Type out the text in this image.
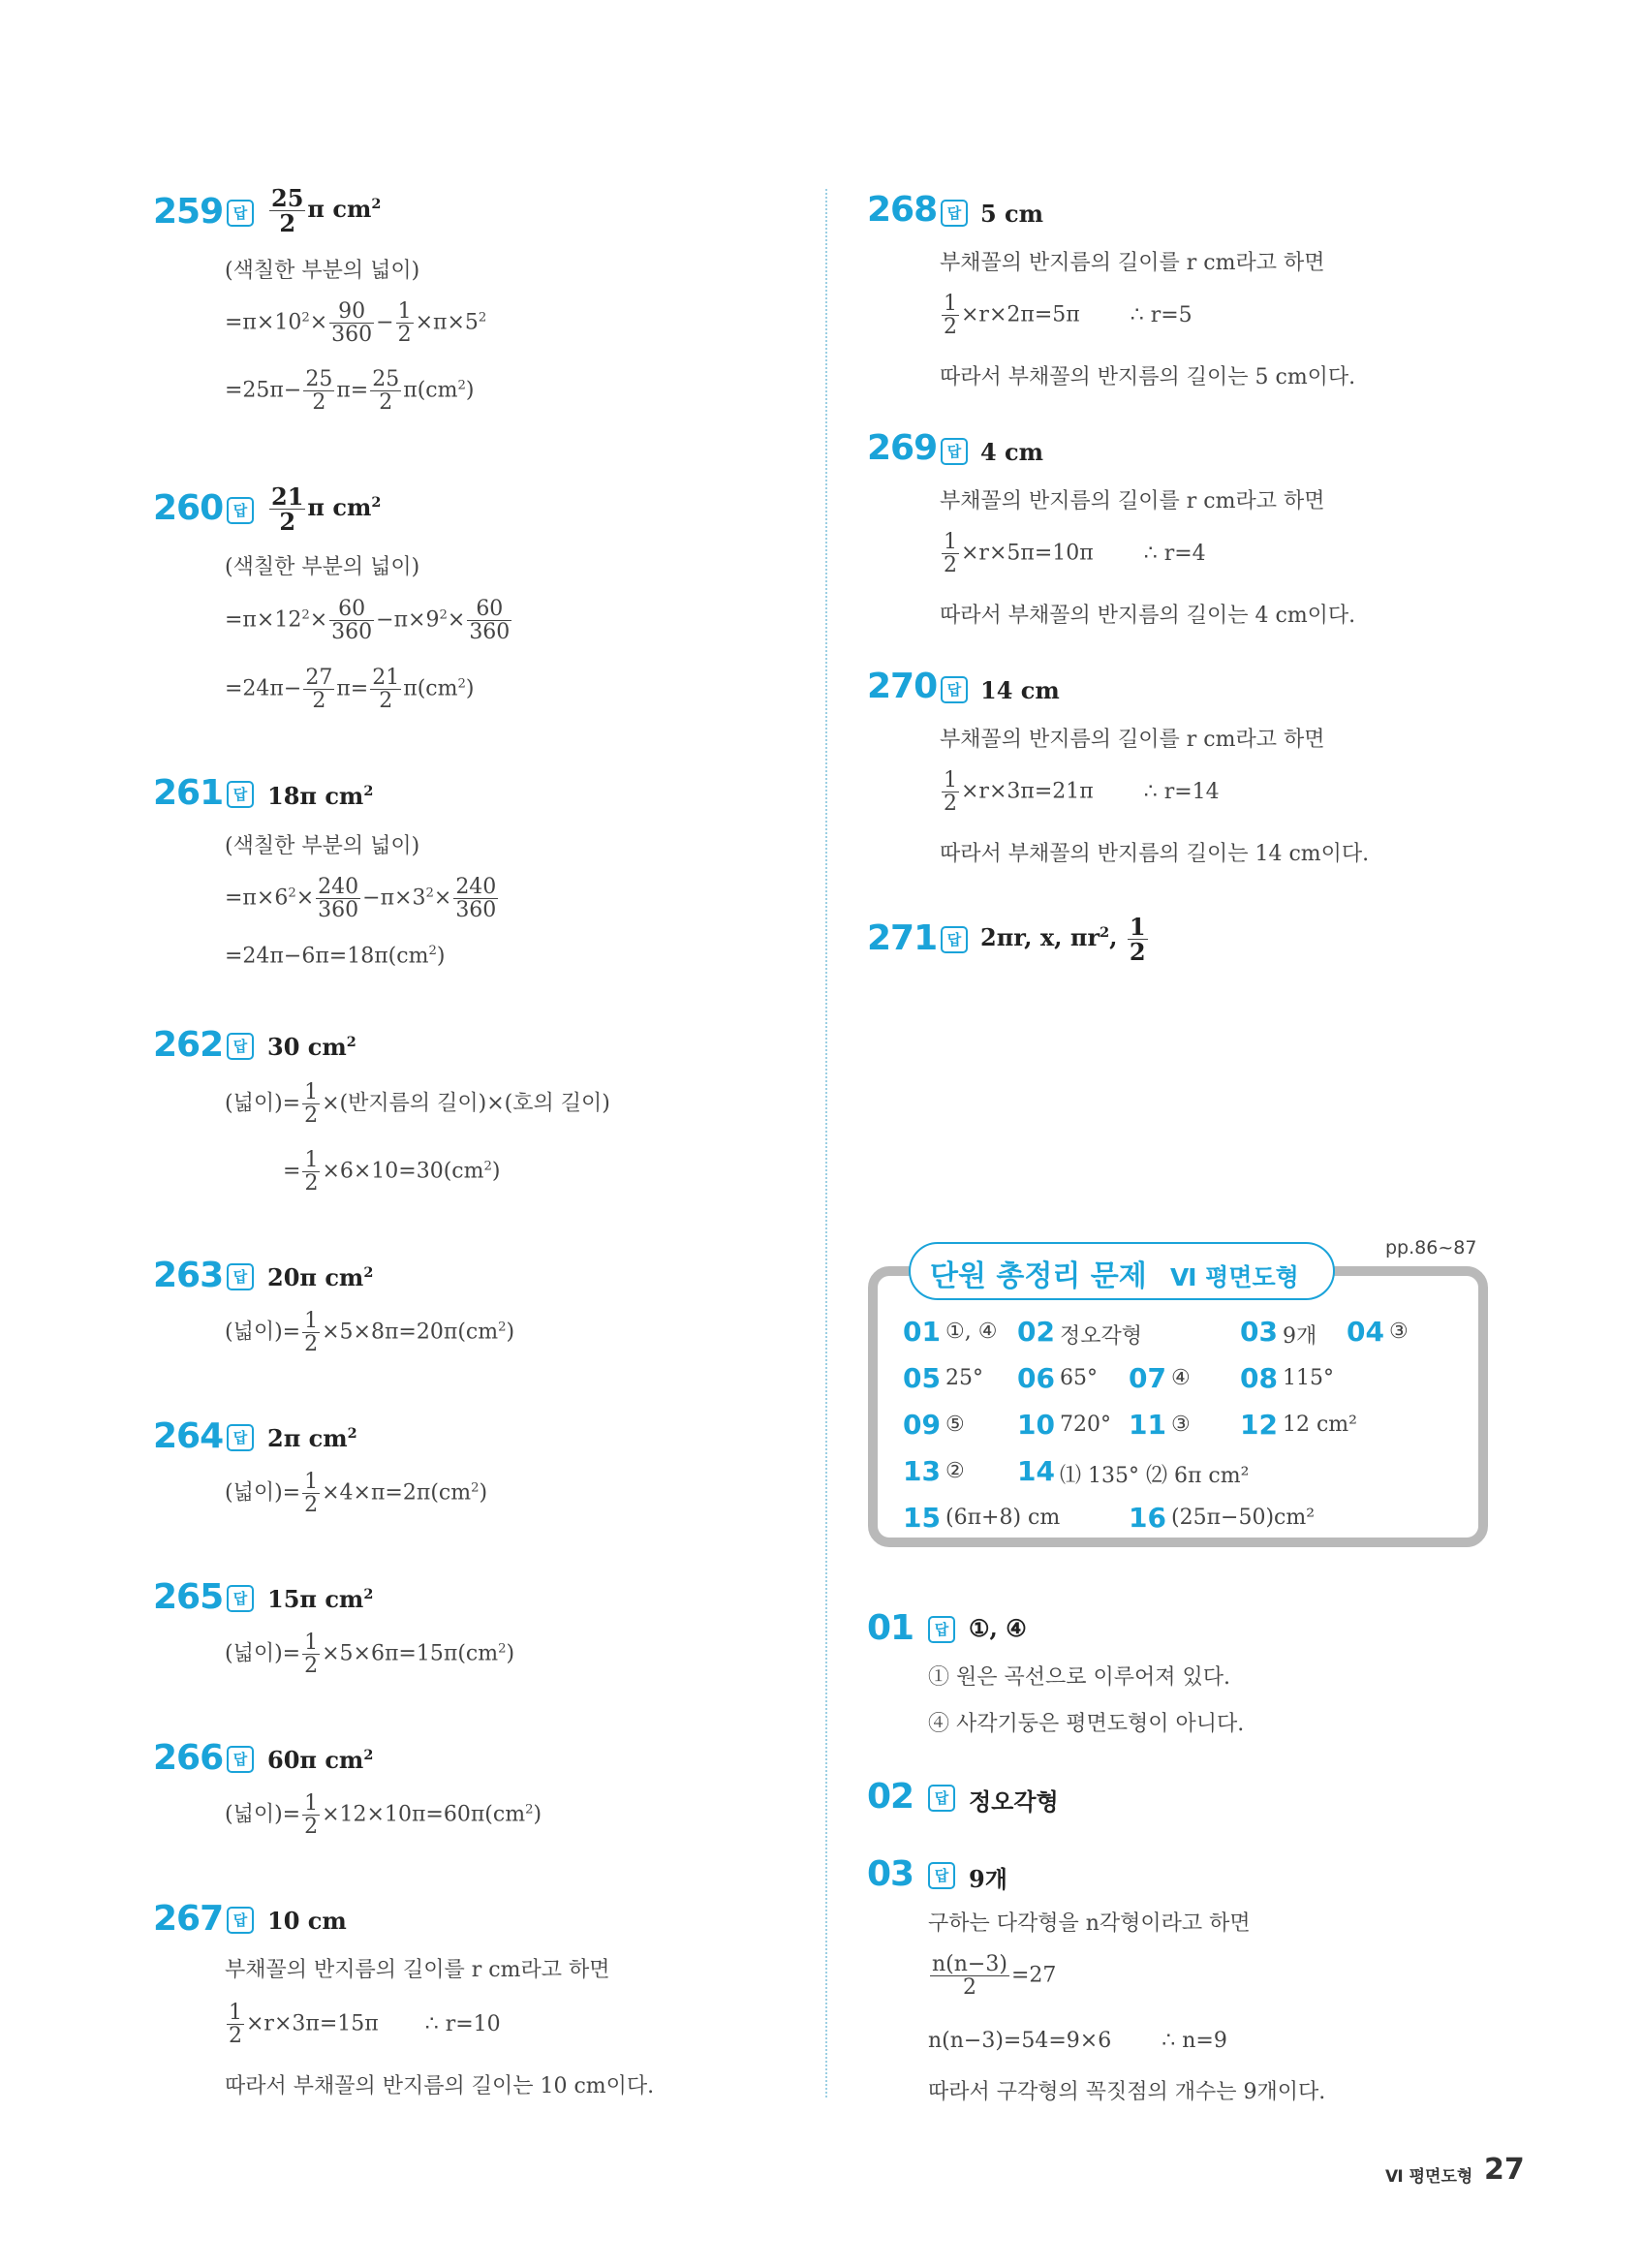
259 답 $\frac{25}{2}$ π $cm^2$
(색칠한 부분의 넓이)
$=\pi\times 10^2\times \frac{90}{360} - \frac{1}{2} \times\pi\times 5^2$
$=25\pi- \frac{25}{2} \pi= \frac{25}{2} \pi(cm^2)$
260 답 $\frac{21}{2}$ π $cm^2$
(색칠한 부분의 넓이)
$=\pi\times 12^2\times \frac{60}{360} -\pi\times 9^2\times \frac{60}{360}$
$=24\pi- \frac{27}{2} \pi= \frac{21}{2} \pi(cm^2)$
261 답 18π $cm^2$
(색칠한 부분의 넓이)
$=\pi\times 6^2\times \frac{240}{360} -\pi\times 3^2\times \frac{240}{360}$
$=24\pi-6\pi=18\pi(cm^2)$
262 답 30 $cm^2$
(넓이)= $\frac{1}{2}$ ×(반지름의 길이)×(호의 길이)
= $\frac{1}{2} \times 6\times 10=30(cm^2)$
263 답 20π $cm^2$
(넓이)= $\frac{1}{2} \times 5\times 8\pi=20\pi(cm^2)$
264 답 2π $cm^2$
(넓이)= $\frac{1}{2} \times 4\times\pi=2\pi(cm^2)$
265 답 15π $cm^2$
(넓이)= $\frac{1}{2} \times 5\times 6\pi=15\pi(cm^2)$
266 답 60π $cm^2$
(넓이)= $\frac{1}{2} \times 12\times 10\pi=60\pi(cm^2)$
267 답 10 cm
부채꼴의 반지름의 길이를 r cm라고 하면
$\frac{1}{2} \times r\times 3\pi=15\pi$ ∴ r=10
따라서 부채꼴의 반지름의 길이는 10 cm이다.
268 답 5 cm
부채꼴의 반지름의 길이를 r cm라고 하면
$\frac{1}{2} \times r\times 2\pi=5\pi$ ∴ r=5
따라서 부채꼴의 반지름의 길이는 5 cm이다.
269 답 4 cm
부채꼴의 반지름의 길이를 r cm라고 하면
$\frac{1}{2} \times r\times 5\pi=10\pi$ ∴ r=4
따라서 부채꼴의 반지름의 길이는 4 cm이다.
270 답 14 cm
부채꼴의 반지름의 길이를 r cm라고 하면
$\frac{1}{2} \times r\times 3\pi=21\pi$ ∴ r=14
따라서 부채꼴의 반지름의 길이는 14 cm이다.
271 답 2πr, x, $\pi r^2$, $\frac{1}{2}$
pp.86~87
단원 총정리 문제 Ⅵ 평면도형
01 ①, ④ 02 정오각형	03 9개 04 ③
05 25° 06 65° 07 ④ 08 115°
09 ⑤ 10 720° 11 ③ 12 12 cm²
13 ② 14 ⑴ 135° ⑵ 6π cm²
15 (6π+8) cm	16 (25π−50)cm²
01	답 ①, ④
① 원은 곡선으로 이루어져 있다.
④ 사각기둥은 평면도형이 아니다.
02	답 정오각형
03	답 9개
구하는 다각형을 n각형이라고 하면
$\frac{n(n-3)}{2} =27$
n(n−3)=54=9×6 ∴ n=9
따라서 구각형의 꼭짓점의 개수는 9개이다.
Ⅵ 평면도형 27
